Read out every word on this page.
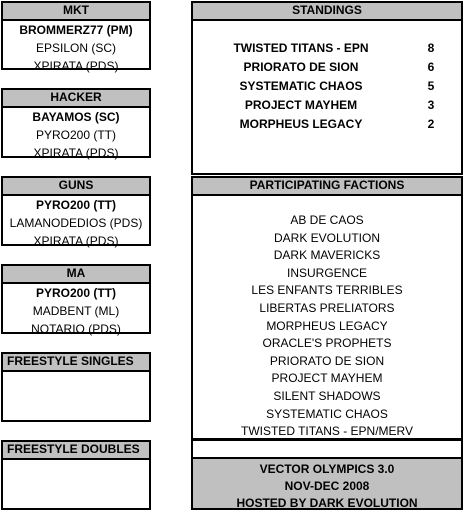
MKT
BROMMERZ77 (PM)
EPSILON (SC)
XPIRATA (PDS)
HACKER
BAYAMOS (SC)
PYRO200 (TT)
XPIRATA (PDS)
GUNS
PYRO200 (TT)
LAMANODEDIOS (PDS)
XPIRATA (PDS)
MA
PYRO200 (TT)
MADBENT (ML)
NOTARIO (PDS)
FREESTYLE SINGLES
FREESTYLE DOUBLES
STANDINGS
TWISTED TITANS - EPN	8
PRIORATO DE SION	6
SYSTEMATIC CHAOS	5
PROJECT MAYHEM	3
MORPHEUS LEGACY	2
PARTICIPATING FACTIONS
AB DE CAOS
DARK EVOLUTION
DARK MAVERICKS
INSURGENCE
LES ENFANTS TERRIBLES
LIBERTAS PRELIATORS
MORPHEUS LEGACY
ORACLE'S PROPHETS
PRIORATO DE SION
PROJECT MAYHEM
SILENT SHADOWS
SYSTEMATIC CHAOS
TWISTED TITANS - EPN/MERV
VECTOR OLYMPICS 3.0
NOV-DEC 2008
HOSTED BY DARK EVOLUTION
